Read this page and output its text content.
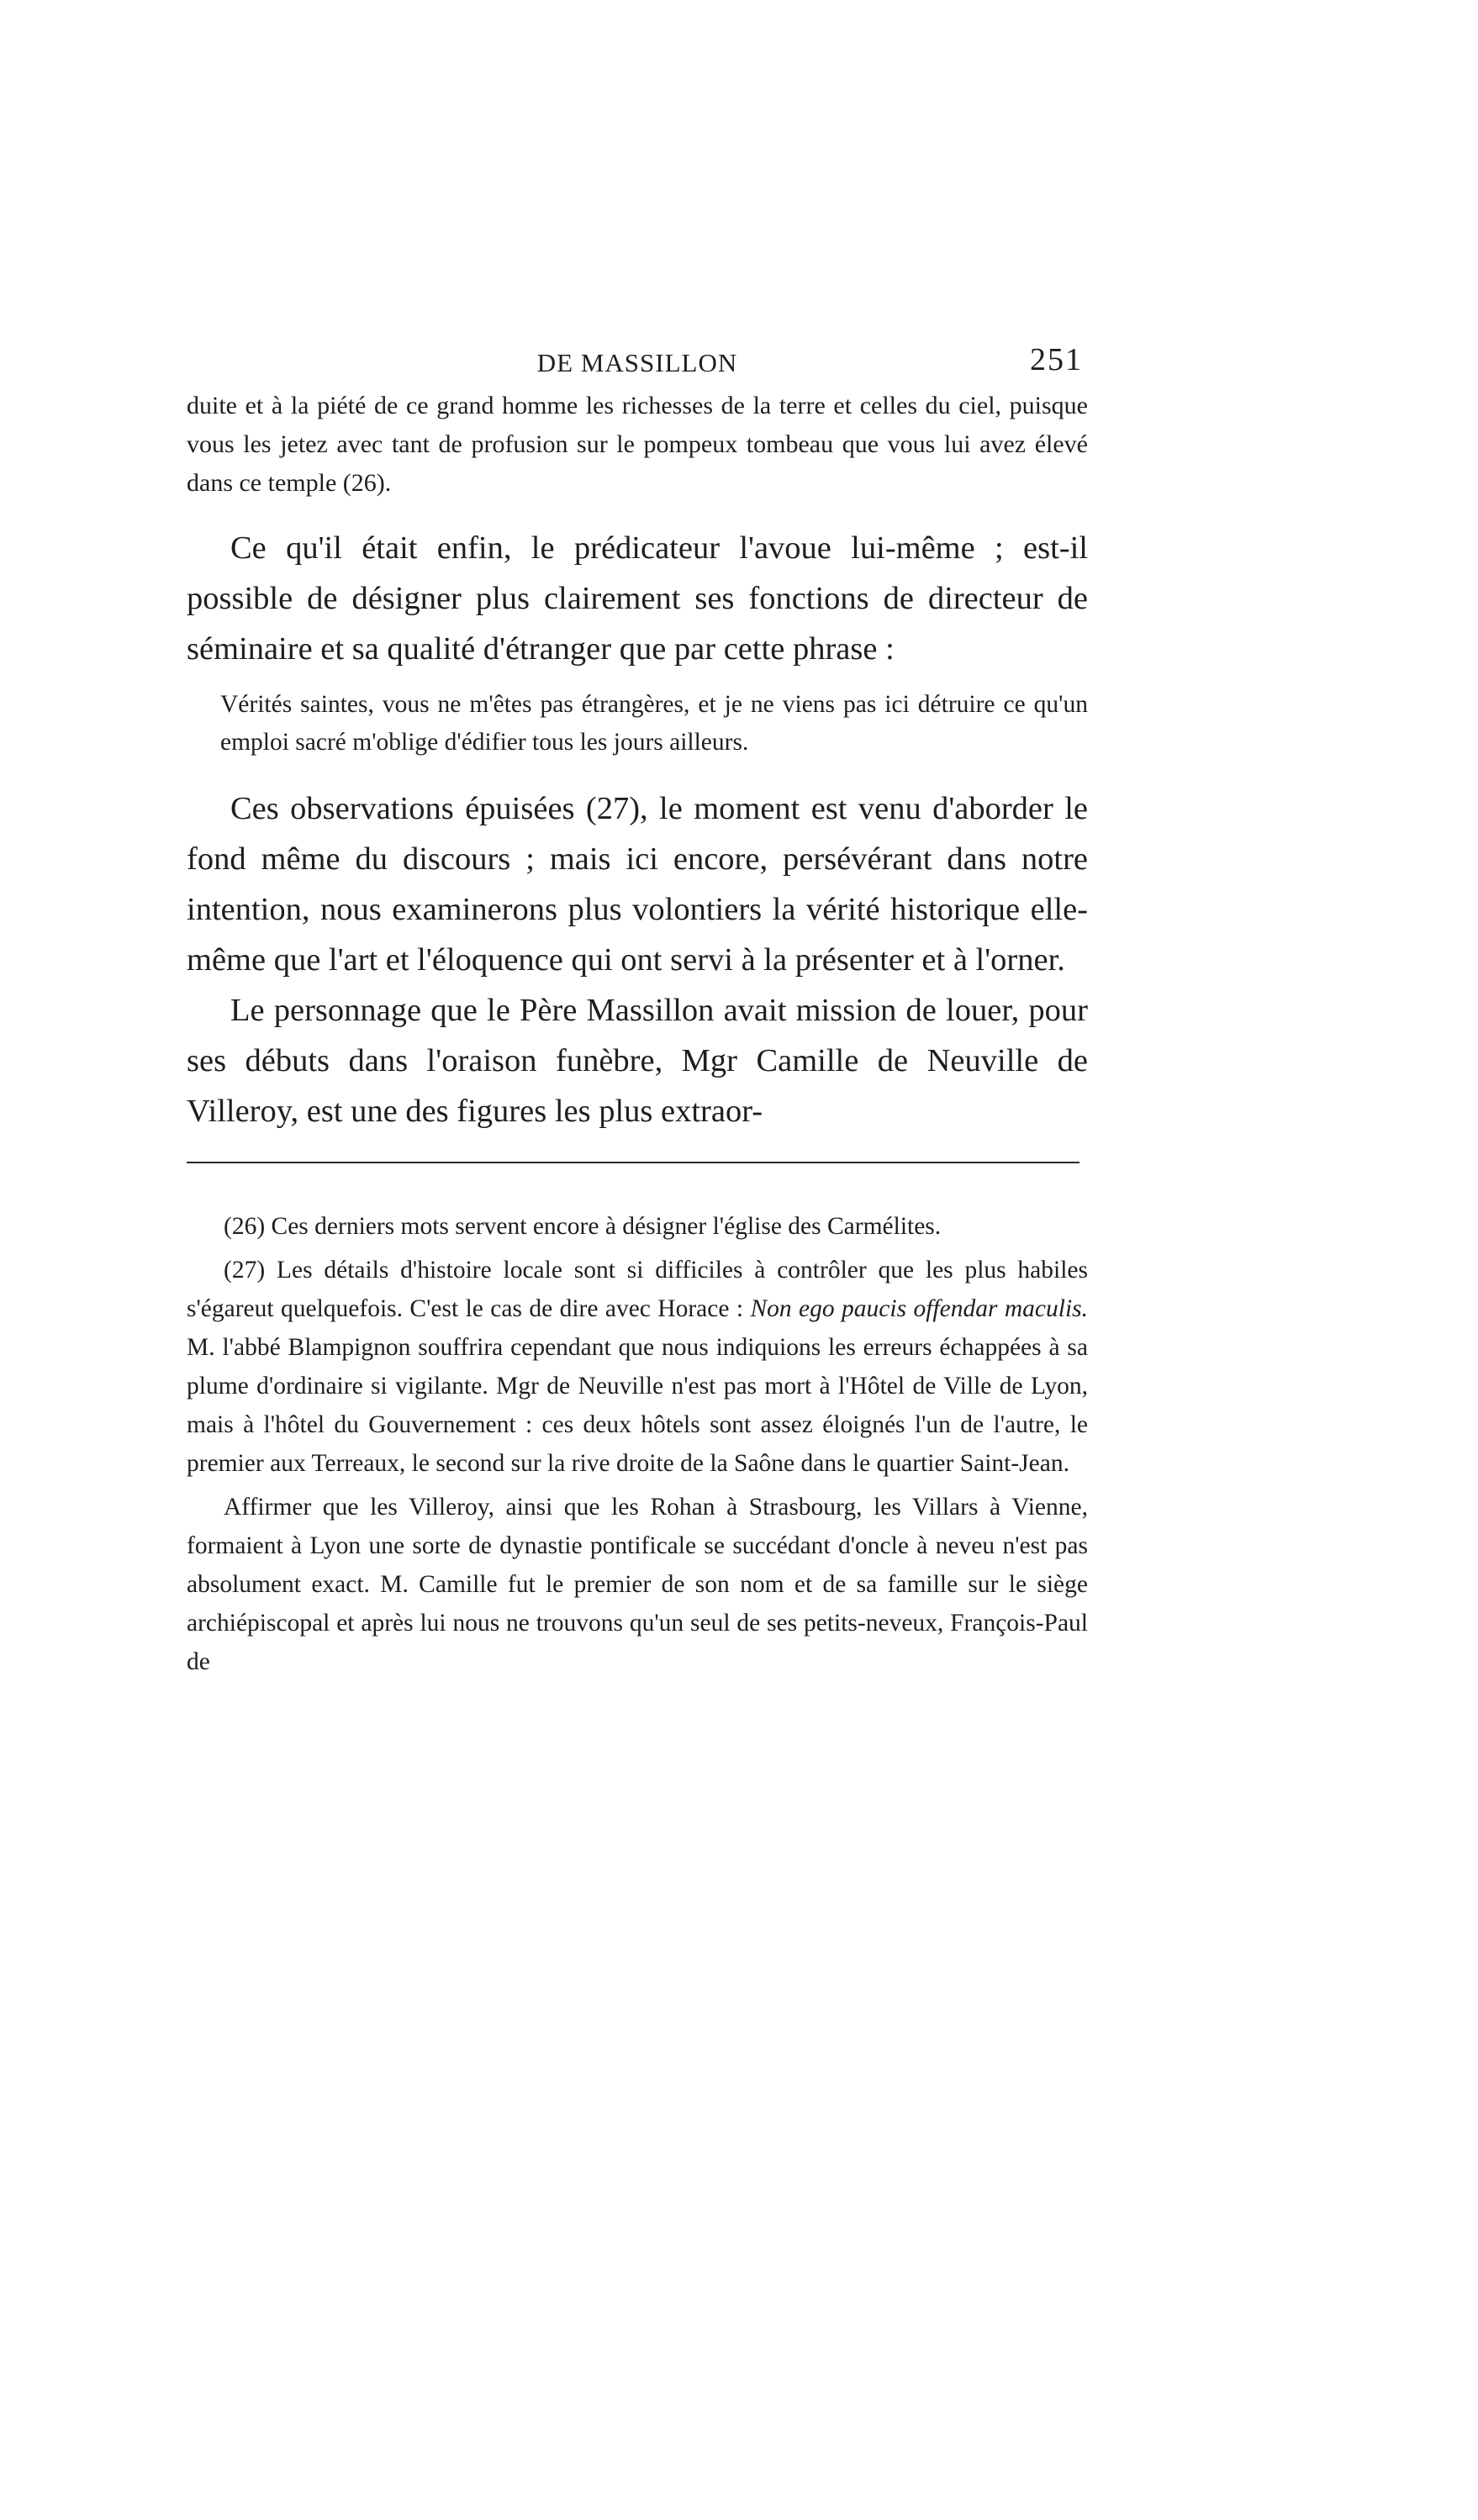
DE MASSILLON	251

duite et à la piété de ce grand homme les richesses de la terre et celles du ciel, puisque vous les jetez avec tant de profusion sur le pompeux tombeau que vous lui avez élevé dans ce temple (26).

Ce qu'il était enfin, le prédicateur l'avoue lui-même ; est-il possible de désigner plus clairement ses fonctions de directeur de séminaire et sa qualité d'étranger que par cette phrase :

Vérités saintes, vous ne m'êtes pas étrangères, et je ne viens pas ici détruire ce qu'un emploi sacré m'oblige d'édifier tous les jours ailleurs.

Ces observations épuisées (27), le moment est venu d'aborder le fond même du discours ; mais ici encore, persévérant dans notre intention, nous examinerons plus volontiers la vérité historique elle-même que l'art et l'éloquence qui ont servi à la présenter et à l'orner.

Le personnage que le Père Massillon avait mission de louer, pour ses débuts dans l'oraison funèbre, Mgr Camille de Neuville de Villeroy, est une des figures les plus extraor-

(26) Ces derniers mots servent encore à désigner l'église des Carmélites.

(27) Les détails d'histoire locale sont si difficiles à contrôler que les plus habiles s'égareut quelquefois. C'est le cas de dire avec Horace : Non ego paucis offendar maculis. M. l'abbé Blampignon souffrira cependant que nous indiquions les erreurs échappées à sa plume d'ordinaire si vigilante. Mgr de Neuville n'est pas mort à l'Hôtel de Ville de Lyon, mais à l'hôtel du Gouvernement : ces deux hôtels sont assez éloignés l'un de l'autre, le premier aux Terreaux, le second sur la rive droite de la Saône dans le quartier Saint-Jean.

Affirmer que les Villeroy, ainsi que les Rohan à Strasbourg, les Villars à Vienne, formaient à Lyon une sorte de dynastie pontificale se succédant d'oncle à neveu n'est pas absolument exact. M. Camille fut le premier de son nom et de sa famille sur le siège archiépiscopal et après lui nous ne trouvons qu'un seul de ses petits-neveux, François-Paul de
